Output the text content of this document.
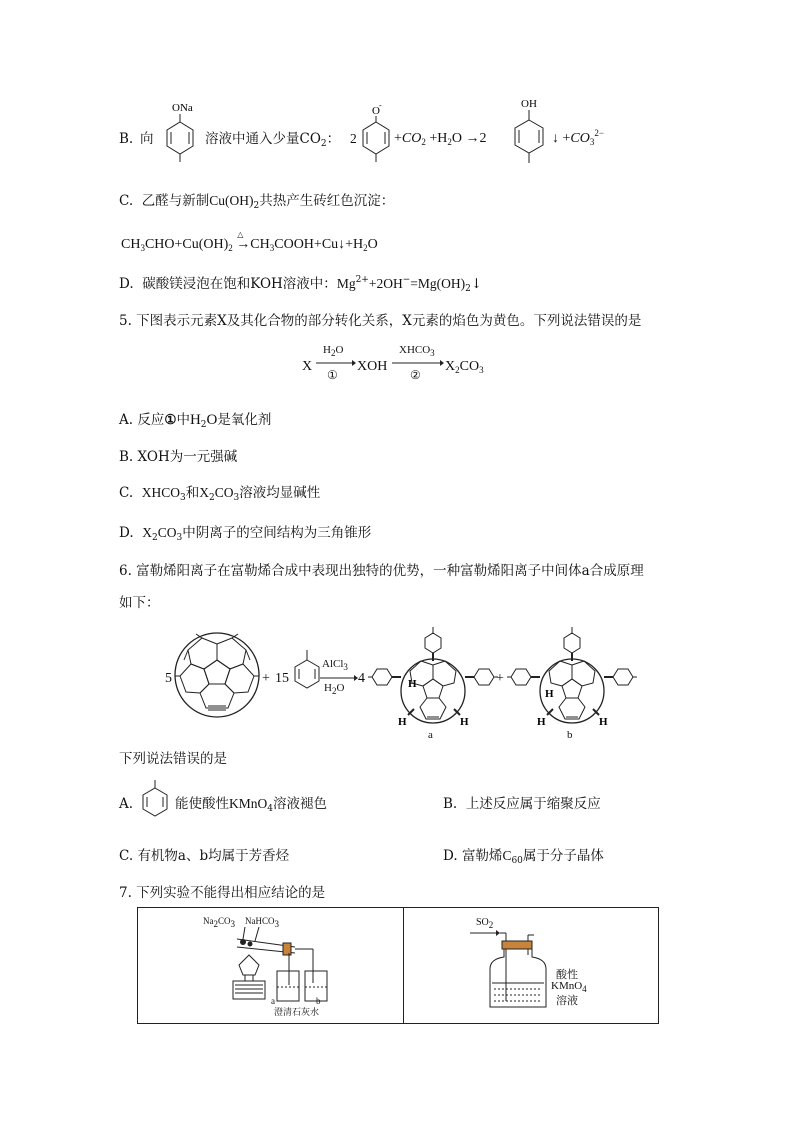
B. 向
ONa
溶液中通入少量$CO_2$： 2
O -
$+CO_2 +H_2O \to 2$
OH
↓ $+CO_3^{2-}$
C. 乙醛与新制$Cu(OH)_2$共热产生砖红色沉淀：
$CH_3CHO+Cu(OH)_2$
△
$\to CH_3COOH+Cu↓+H_2O$
D. 碳酸镁浸泡在饱和KOH溶液中：$Mg^{2+}+2OH^-=Mg(OH)_2↓$
5. 下图表示元素X及其化合物的部分转化关系，X元素的焰色为黄色。下列说法错误的是
X
$H_2O$
①
XOH
$XHCO_3$
②
$X_2CO_3$
A. 反应①中$H_2O$是氧化剂
B. XOH为一元强碱
C. $XHCO_3$和$X_2CO_3$溶液均显碱性
D. $X_2CO_3$中阴离子的空间结构为三角锥形
6. 富勒烯阳离子在富勒烯合成中表现出独特的优势，一种富勒烯阳离子中间体a合成原理
如下：
5	+ 15
AlCl$_3$
$H_2O$
4	H
H	H
a
+
H
H	H
b
下列说法错误的是
A.	能使酸性KMnO$_4$溶液褪色	B. 上述反应属于缩聚反应
C. 有机物a、b均属于芳香烃	D. 富勒烯$C_{60}$属于分子晶体
7. 下列实验不能得出相应结论的是
$Na_2CO_3$ NaHCO$_3$
a	b
澄清石灰水
$SO_2$
酸性
KMnO$_4$
溶液
